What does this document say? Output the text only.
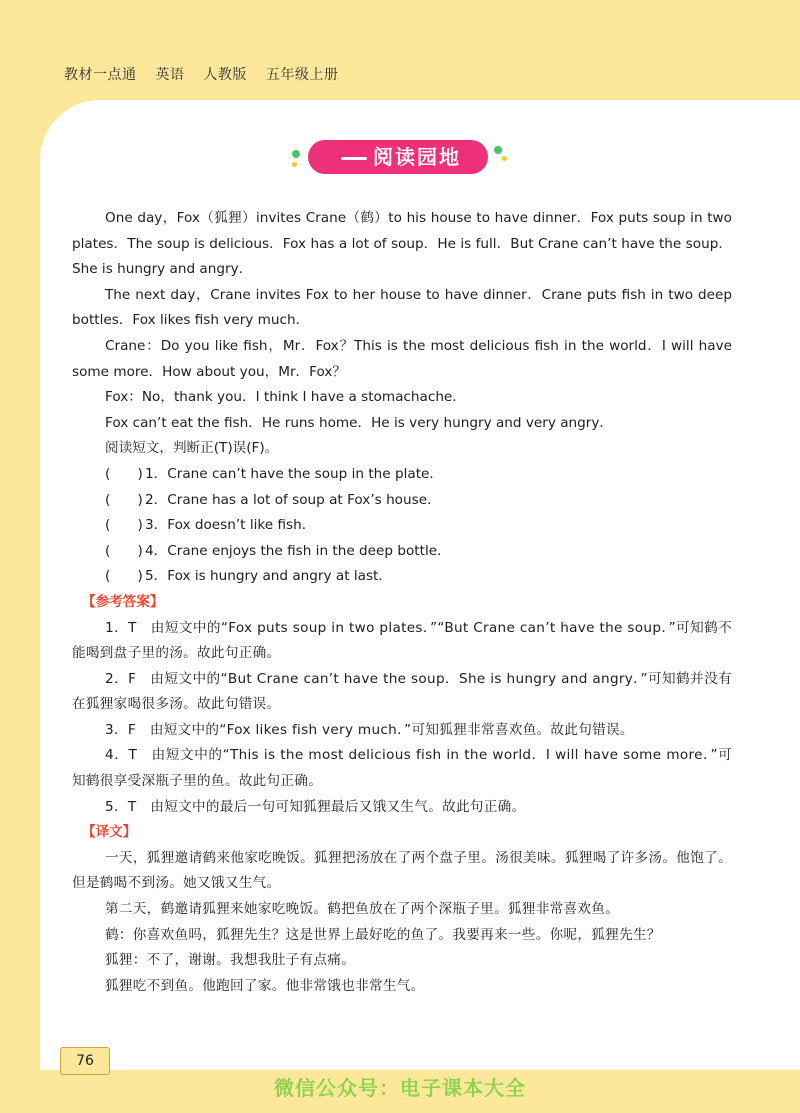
教材一点通 英语 人教版 五年级上册
阅读园地

One day，Fox（狐狸）invites Crane（鹤）to his house to have dinner．Fox puts soup in two plates．The soup is delicious．Fox has a lot of soup．He is full．But Crane can’t have the soup．She is hungry and angry．

The next day，Crane invites Fox to her house to have dinner．Crane puts fish in two deep bottles．Fox likes fish very much．

Crane：Do you like fish，Mr．Fox？This is the most delicious fish in the world．I will have some more．How about you，Mr．Fox？

Fox：No，thank you．I think I have a stomachache．

Fox can’t eat the fish．He runs home．He is very hungry and very angry．

阅读短文，判断正(T)误(F)。

(　　) 1．Crane can’t have the soup in the plate．

(　　) 2．Crane has a lot of soup at Fox’s house．

(　　) 3．Fox doesn’t like fish．

(　　) 4．Crane enjoys the fish in the deep bottle．

(　　) 5．Fox is hungry and angry at last．

【参考答案】

1．T　由短文中的“Fox puts soup in two plates．”“But Crane can’t have the soup．”可知鹤不能喝到盘子里的汤。故此句正确。

2．F　由短文中的“But Crane can’t have the soup．She is hungry and angry．”可知鹤并没有在狐狸家喝很多汤。故此句错误。

3．F　由短文中的“Fox likes fish very much．”可知狐狸非常喜欢鱼。故此句错误。

4．T　由短文中的“This is the most delicious fish in the world．I will have some more．”可知鹤很享受深瓶子里的鱼。故此句正确。

5．T　由短文中的最后一句可知狐狸最后又饿又生气。故此句正确。

【译文】

一天，狐狸邀请鹤来他家吃晚饭。狐狸把汤放在了两个盘子里。汤很美味。狐狸喝了许多汤。他饱了。但是鹤喝不到汤。她又饿又生气。

第二天，鹤邀请狐狸来她家吃晚饭。鹤把鱼放在了两个深瓶子里。狐狸非常喜欢鱼。

鹤：你喜欢鱼吗，狐狸先生？这是世界上最好吃的鱼了。我要再来一些。你呢，狐狸先生？

狐狸：不了，谢谢。我想我肚子有点痛。

狐狸吃不到鱼。他跑回了家。他非常饿也非常生气。

76
微信公众号：电子课本大全
